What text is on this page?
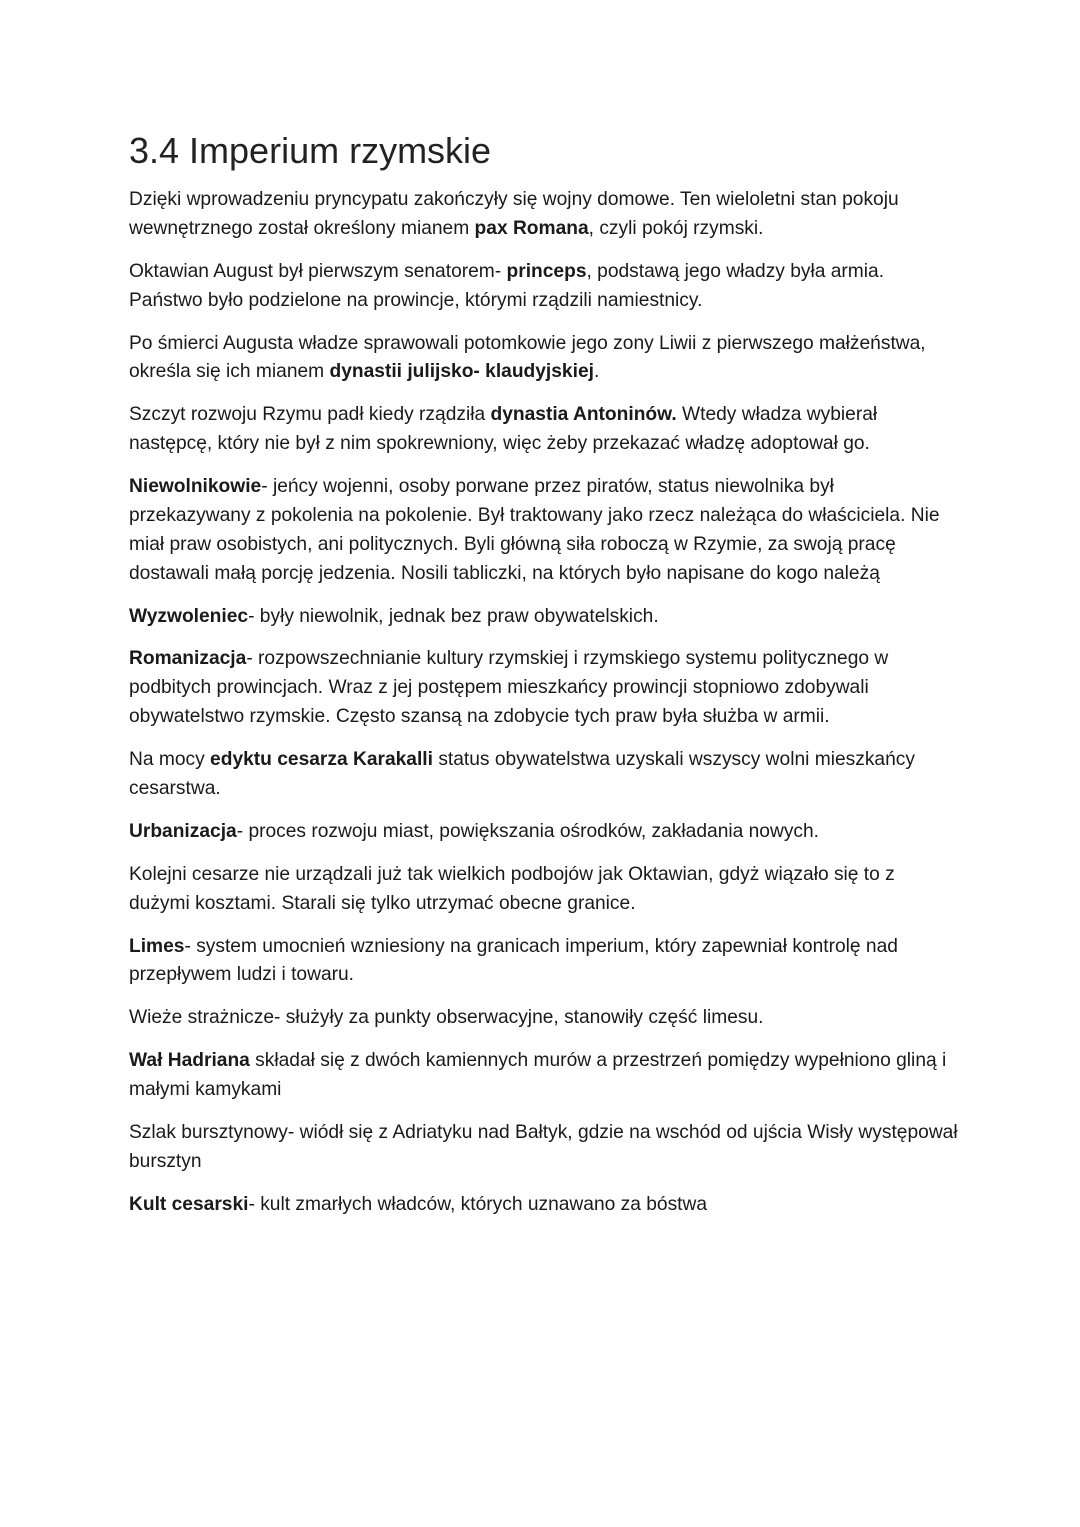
3.4 Imperium rzymskie

Dzięki wprowadzeniu pryncypatu zakończyły się wojny domowe. Ten wieloletni stan pokoju wewnętrznego został określony mianem pax Romana, czyli pokój rzymski.

Oktawian August był pierwszym senatorem- princeps, podstawą jego władzy była armia. Państwo było podzielone na prowincje, którymi rządzili namiestnicy.

Po śmierci Augusta władze sprawowali potomkowie jego zony Liwii z pierwszego małżeństwa, określa się ich mianem dynastii julijsko- klaudyjskiej.

Szczyt rozwoju Rzymu padł kiedy rządziła dynastia Antoninów. Wtedy władza wybierał następcę, który nie był z nim spokrewniony, więc żeby przekazać władzę adoptował go.

Niewolnikowie- jeńcy wojenni, osoby porwane przez piratów, status niewolnika był przekazywany z pokolenia na pokolenie. Był traktowany jako rzecz należąca do właściciela. Nie miał praw osobistych, ani politycznych. Byli główną siła roboczą w Rzymie, za swoją pracę dostawali małą porcję jedzenia. Nosili tabliczki, na których było napisane do kogo należą

Wyzwoleniec- były niewolnik, jednak bez praw obywatelskich.

Romanizacja- rozpowszechnianie kultury rzymskiej i rzymskiego systemu politycznego w podbitych prowincjach. Wraz z jej postępem mieszkańcy prowincji stopniowo zdobywali obywatelstwo rzymskie. Często szansą na zdobycie tych praw była służba w armii.

Na mocy edyktu cesarza Karakalli status obywatelstwa uzyskali wszyscy wolni mieszkańcy cesarstwa.

Urbanizacja- proces rozwoju miast, powiększania ośrodków, zakładania nowych.

Kolejni cesarze nie urządzali już tak wielkich podbojów jak Oktawian, gdyż wiązało się to z dużymi kosztami. Starali się tylko utrzymać obecne granice.

Limes- system umocnień wzniesiony na granicach imperium, który zapewniał kontrolę nad przepływem ludzi i towaru.

Wieże strażnicze- służyły za punkty obserwacyjne, stanowiły część limesu.

Wał Hadriana składał się z dwóch kamiennych murów a przestrzeń pomiędzy wypełniono gliną i małymi kamykami

Szlak bursztynowy- wiódł się z Adriatyku nad Bałtyk, gdzie na wschód od ujścia Wisły występował bursztyn

Kult cesarski- kult zmarłych władców, których uznawano za bóstwa
